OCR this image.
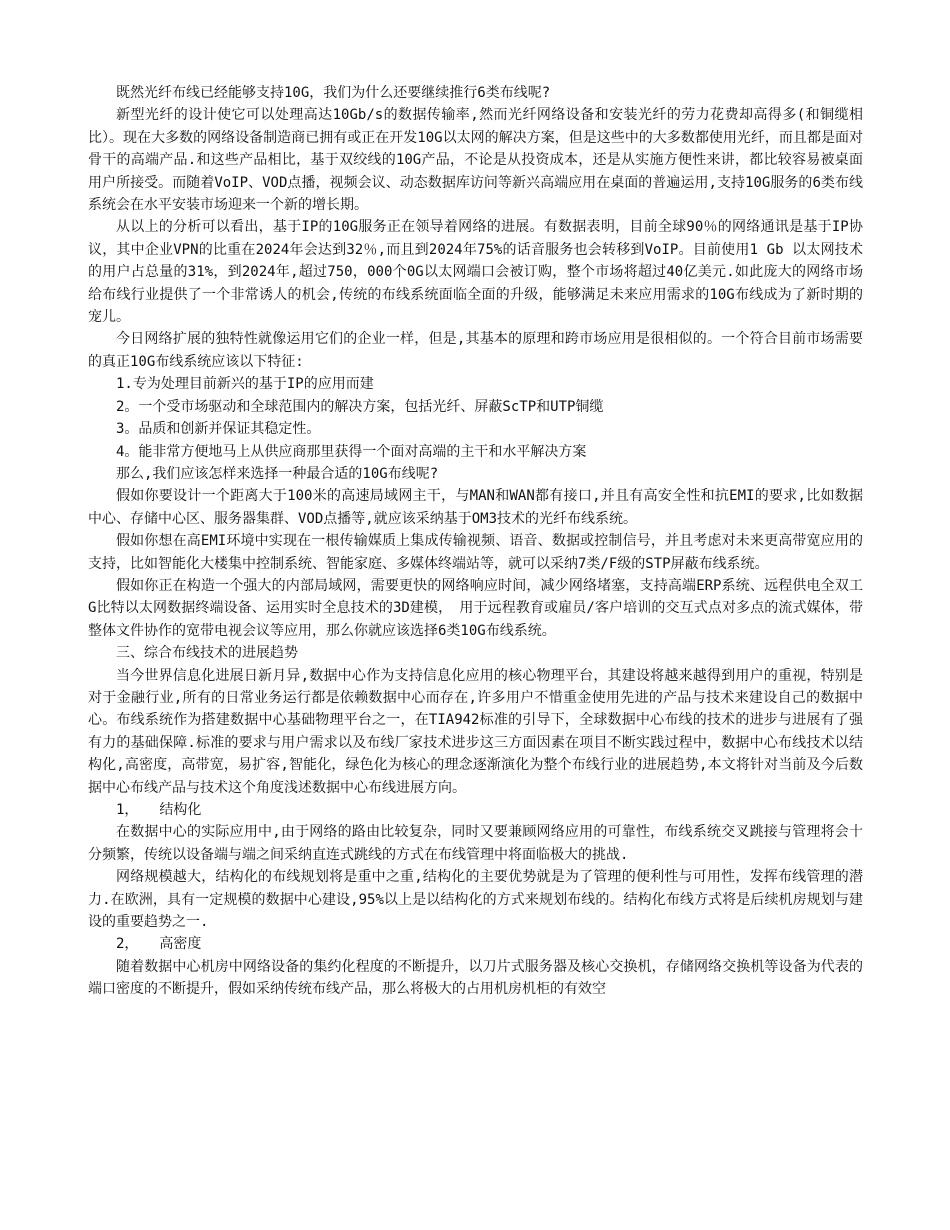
既然光纤布线已经能够支持10G，我们为什么还要继续推行6类布线呢?

新型光纤的设计使它可以处理高达10Gb/s的数据传输率,然而光纤网络设备和安装光纤的劳力花费却高得多(和铜缆相比）。现在大多数的网络设备制造商已拥有或正在开发10G以太网的解决方案，但是这些中的大多数都使用光纤，而且都是面对骨干的高端产品.和这些产品相比，基于双绞线的10G产品，不论是从投资成本，还是从实施方便性来讲，都比较容易被桌面用户所接受。而随着VoIP、VOD点播，视频会议、动态数据库访问等新兴高端应用在桌面的普遍运用,支持10G服务的6类布线系统会在水平安装市场迎来一个新的增长期。

从以上的分析可以看出，基于IP的10G服务正在领导着网络的进展。有数据表明，目前全球90％的网络通讯是基于IP协议，其中企业VPN的比重在2024年会达到32％,而且到2024年75%的话音服务也会转移到VoIP。目前使用1 Gb 以太网技术的用户占总量的31%，到2024年,超过750，000个0G以太网端口会被订购，整个市场将超过40亿美元.如此庞大的网络市场给布线行业提供了一个非常诱人的机会,传统的布线系统面临全面的升级，能够满足未来应用需求的10G布线成为了新时期的宠儿。

今日网络扩展的独特性就像运用它们的企业一样，但是,其基本的原理和跨市场应用是很相似的。一个符合目前市场需要的真正10G布线系统应该以下特征:

1.专为处理目前新兴的基于IP的应用而建

2。一个受市场驱动和全球范围内的解决方案，包括光纤、屏蔽ScTP和UTP铜缆

3。品质和创新并保证其稳定性。

4。能非常方便地马上从供应商那里获得一个面对高端的主干和水平解决方案

那么,我们应该怎样来选择一种最合适的10G布线呢?

假如你要设计一个距离大于100米的高速局域网主干，与MAN和WAN都有接口,并且有高安全性和抗EMI的要求,比如数据中心、存储中心区、服务器集群、VOD点播等,就应该采纳基于OM3技术的光纤布线系统。

假如你想在高EMI环境中实现在一根传输媒质上集成传输视频、语音、数据或控制信号，并且考虑对未来更高带宽应用的支持，比如智能化大楼集中控制系统、智能家庭、多媒体终端站等，就可以采纳7类/F级的STP屏蔽布线系统。

假如你正在构造一个强大的内部局域网，需要更快的网络响应时间，减少网络堵塞，支持高端ERP系统、远程供电全双工G比特以太网数据终端设备、运用实时全息技术的3D建模，　用于远程教育或雇员/客户培训的交互式点对多点的流式媒体，带整体文件协作的宽带电视会议等应用，那么你就应该选择6类10G布线系统。

三、综合布线技术的进展趋势

当今世界信息化进展日新月异,数据中心作为支持信息化应用的核心物理平台，其建设将越来越得到用户的重视，特别是对于金融行业,所有的日常业务运行都是依赖数据中心而存在,许多用户不惜重金使用先进的产品与技术来建设自己的数据中心。布线系统作为搭建数据中心基础物理平台之一，在TIA942标准的引导下，全球数据中心布线的技术的进步与进展有了强有力的基础保障.标准的要求与用户需求以及布线厂家技术进步这三方面因素在项目不断实践过程中，数据中心布线技术以结构化,高密度，高带宽，易扩容,智能化，绿色化为核心的理念逐渐演化为整个布线行业的进展趋势,本文将针对当前及今后数据中心布线产品与技术这个角度浅述数据中心布线进展方向。

1，　　结构化

在数据中心的实际应用中,由于网络的路由比较复杂，同时又要兼顾网络应用的可靠性，布线系统交叉跳接与管理将会十分频繁，传统以设备端与端之间采纳直连式跳线的方式在布线管理中将面临极大的挑战.

网络规模越大，结构化的布线规划将是重中之重,结构化的主要优势就是为了管理的便利性与可用性，发挥布线管理的潜力.在欧洲，具有一定规模的数据中心建设,95%以上是以结构化的方式来规划布线的。结构化布线方式将是后续机房规划与建设的重要趋势之一.

2，　　高密度

随着数据中心机房中网络设备的集约化程度的不断提升，以刀片式服务器及核心交换机，存储网络交换机等设备为代表的端口密度的不断提升，假如采纳传统布线产品，那么将极大的占用机房机柜的有效空
